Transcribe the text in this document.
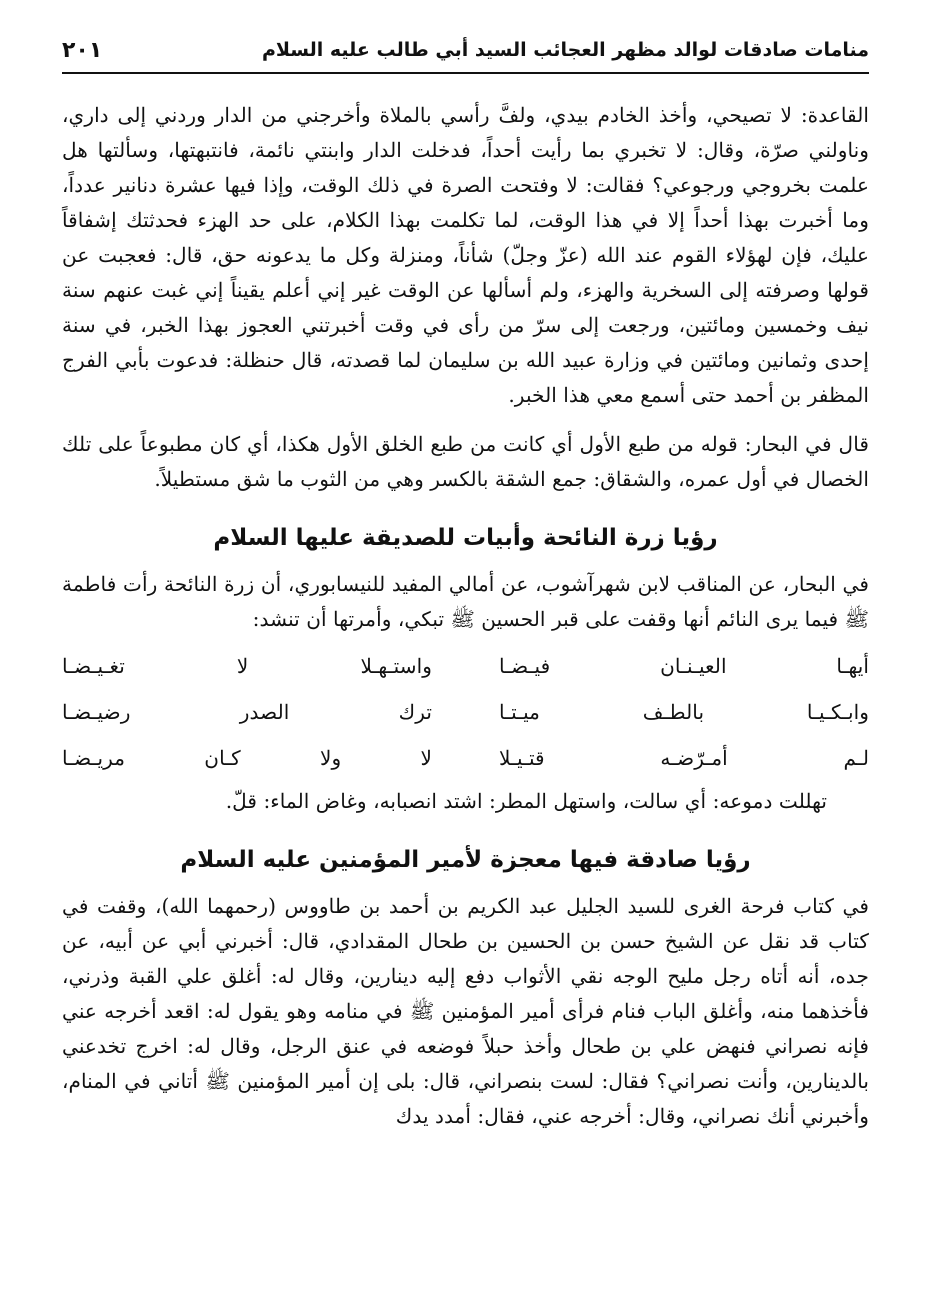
منامات صادقات لوالد مظهر العجائب السيد أبي طالب عليه السلام
٢٠١

القاعدة: لا تصيحي، وأخذ الخادم بيدي، ولفَّ رأسي بالملاة وأخرجني من الدار وردني إلى داري، وناولني صرّة، وقال: لا تخبري بما رأيت أحداً، فدخلت الدار وابنتي نائمة، فانتبهتها، وسألتها هل علمت بخروجي ورجوعي؟ فقالت: لا وفتحت الصرة في ذلك الوقت، وإذا فيها عشرة دنانير عدداً، وما أخبرت بهذا أحداً إلا في هذا الوقت، لما تكلمت بهذا الكلام، على حد الهزء فحدثتك إشفاقاً عليك، فإن لهؤلاء القوم عند الله (عزّ وجلّ) شأناً، ومنزلة وكل ما يدعونه حق، قال: فعجبت عن قولها وصرفته إلى السخرية والهزء، ولم أسألها عن الوقت غير إني أعلم يقيناً إني غبت عنهم سنة نيف وخمسين ومائتين، ورجعت إلى سرّ من رأى في وقت أخبرتني العجوز بهذا الخبر، في سنة إحدى وثمانين ومائتين في وزارة عبيد الله بن سليمان لما قصدته، قال حنظلة: فدعوت بأبي الفرج المظفر بن أحمد حتى أسمع معي هذا الخبر.

قال في البحار: قوله من طبع الأول أي كانت من طبع الخلق الأول هكذا، أي كان مطبوعاً على تلك الخصال في أول عمره، والشقاق: جمع الشقة بالكسر وهي من الثوب ما شق مستطيلاً.

رؤيا زرة النائحة وأبيات للصديقة عليها السلام

في البحار، عن المناقب لابن شهرآشوب، عن أمالي المفيد للنيسابوري، أن زرة النائحة رأت فاطمة ﷺ فيما يرى النائم أنها وقفت على قبر الحسين ﷺ تبكي، وأمرتها أن تنشد:

أيهـا العيـنـان فيـضـا
واستـهـلا لا تغـيـضـا
وابـكـيـا بالطـف ميـتـا
ترك الصدر رضيـضـا
لـم أمـرّضـه قتـيـلا
لا ولا كـان مريـضـا

تهللت دموعه: أي سالت، واستهل المطر: اشتد انصبابه، وغاض الماء: قلّ.

رؤيا صادقة فيها معجزة لأمير المؤمنين عليه السلام

في كتاب فرحة الغرى للسيد الجليل عبد الكريم بن أحمد بن طاووس (رحمهما الله)، وقفت في كتاب قد نقل عن الشيخ حسن بن الحسين بن طحال المقدادي، قال: أخبرني أبي عن أبيه، عن جده، أنه أتاه رجل مليح الوجه نقي الأثواب دفع إليه دينارين، وقال له: أغلق علي القبة وذرني، فأخذهما منه، وأغلق الباب فنام فرأى أمير المؤمنين ﷺ في منامه وهو يقول له: اقعد أخرجه عني فإنه نصراني فنهض علي بن طحال وأخذ حبلاً فوضعه في عنق الرجل، وقال له: اخرج تخدعني بالدينارين، وأنت نصراني؟ فقال: لست بنصراني، قال: بلى إن أمير المؤمنين ﷺ أتاني في المنام، وأخبرني أنك نصراني، وقال: أخرجه عني، فقال: أمدد يدك
